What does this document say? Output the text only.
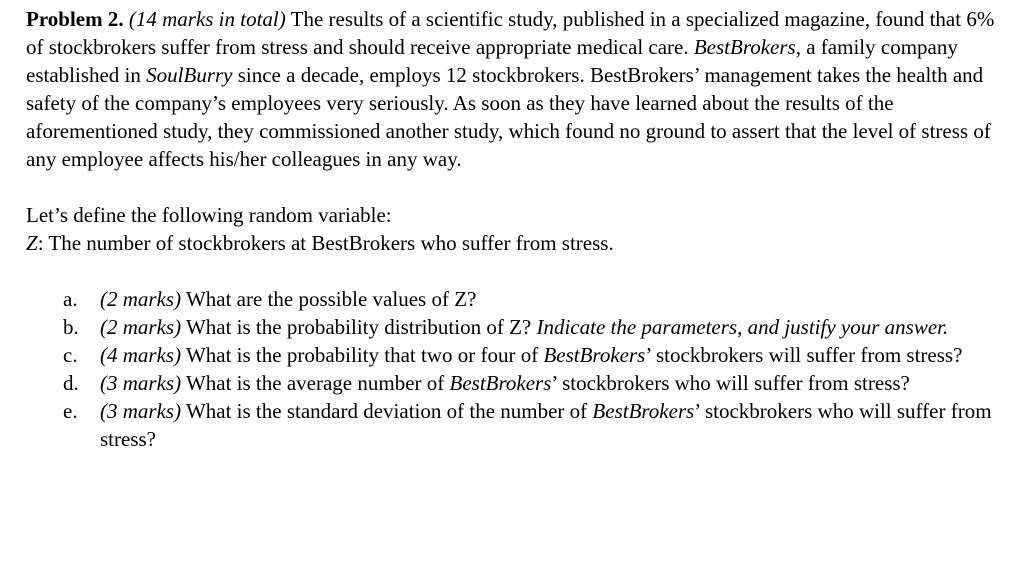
Problem 2. (14 marks in total) The results of a scientific study, published in a specialized magazine, found that 6% of stockbrokers suffer from stress and should receive appropriate medical care. BestBrokers, a family company established in SoulBurry since a decade, employs 12 stockbrokers. BestBrokers’ management takes the health and safety of the company’s employees very seriously. As soon as they have learned about the results of the aforementioned study, they commissioned another study, which found no ground to assert that the level of stress of any employee affects his/her colleagues in any way.

Let’s define the following random variable:

Z: The number of stockbrokers at BestBrokers who suffer from stress.

a. (2 marks) What are the possible values of Z?
b. (2 marks) What is the probability distribution of Z? Indicate the parameters, and justify your answer.
c. (4 marks) What is the probability that two or four of BestBrokers’ stockbrokers will suffer from stress?
d. (3 marks) What is the average number of BestBrokers’ stockbrokers who will suffer from stress?
e. (3 marks) What is the standard deviation of the number of BestBrokers’ stockbrokers who will suffer from stress?
